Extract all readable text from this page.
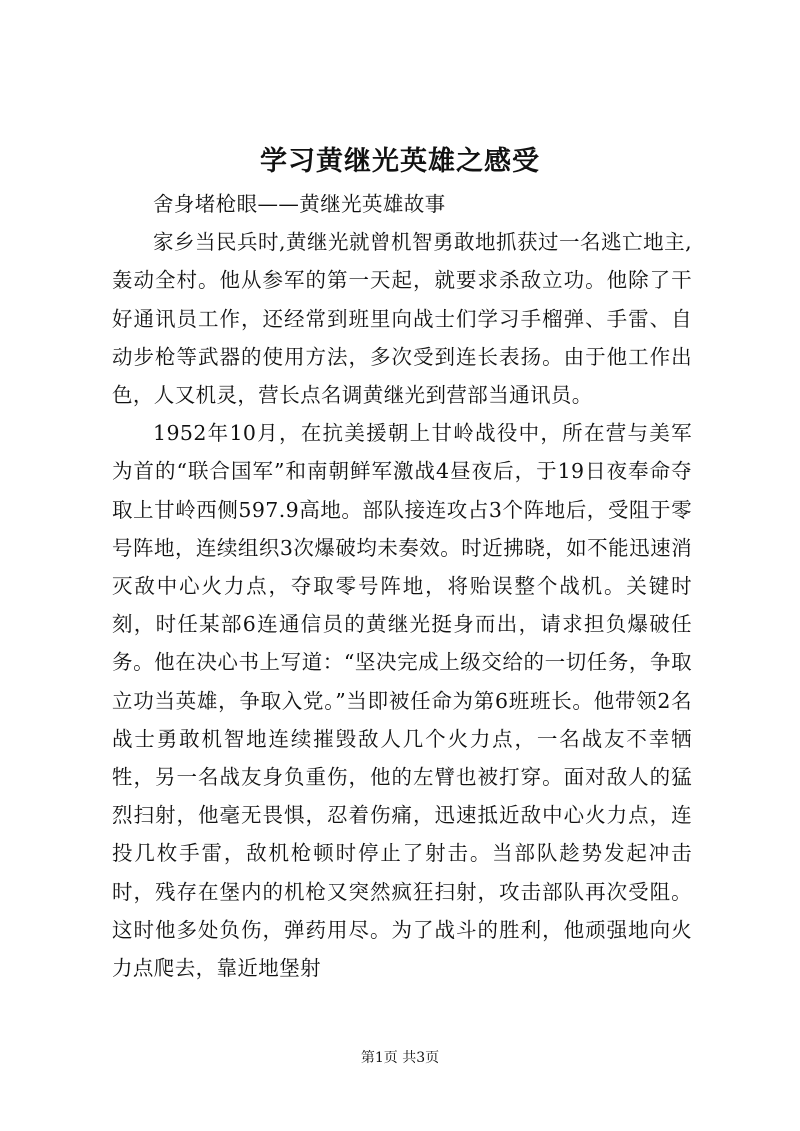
学习黄继光英雄之感受

舍身堵枪眼——黄继光英雄故事

家乡当民兵时,黄继光就曾机智勇敢地抓获过一名逃亡地主,轰动全村。他从参军的第一天起，就要求杀敌立功。他除了干好通讯员工作，还经常到班里向战士们学习手榴弹、手雷、自动步枪等武器的使用方法，多次受到连长表扬。由于他工作出色，人又机灵，营长点名调黄继光到营部当通讯员。

1952年10月，在抗美援朝上甘岭战役中，所在营与美军为首的“联合国军”和南朝鲜军激战4昼夜后，于19日夜奉命夺取上甘岭西侧597.9高地。部队接连攻占3个阵地后，受阻于零号阵地，连续组织3次爆破均未奏效。时近拂晓，如不能迅速消灭敌中心火力点，夺取零号阵地，将贻误整个战机。关键时刻，时任某部6连通信员的黄继光挺身而出，请求担负爆破任务。他在决心书上写道：“坚决完成上级交给的一切任务，争取立功当英雄，争取入党。”当即被任命为第6班班长。他带领2名战士勇敢机智地连续摧毁敌人几个火力点，一名战友不幸牺牲，另一名战友身负重伤，他的左臂也被打穿。面对敌人的猛烈扫射，他毫无畏惧，忍着伤痛，迅速抵近敌中心火力点，连投几枚手雷，敌机枪顿时停止了射击。当部队趁势发起冲击时，残存在堡内的机枪又突然疯狂扫射，攻击部队再次受阻。这时他多处负伤，弹药用尽。为了战斗的胜利，他顽强地向火力点爬去，靠近地堡射

第1页 共3页
